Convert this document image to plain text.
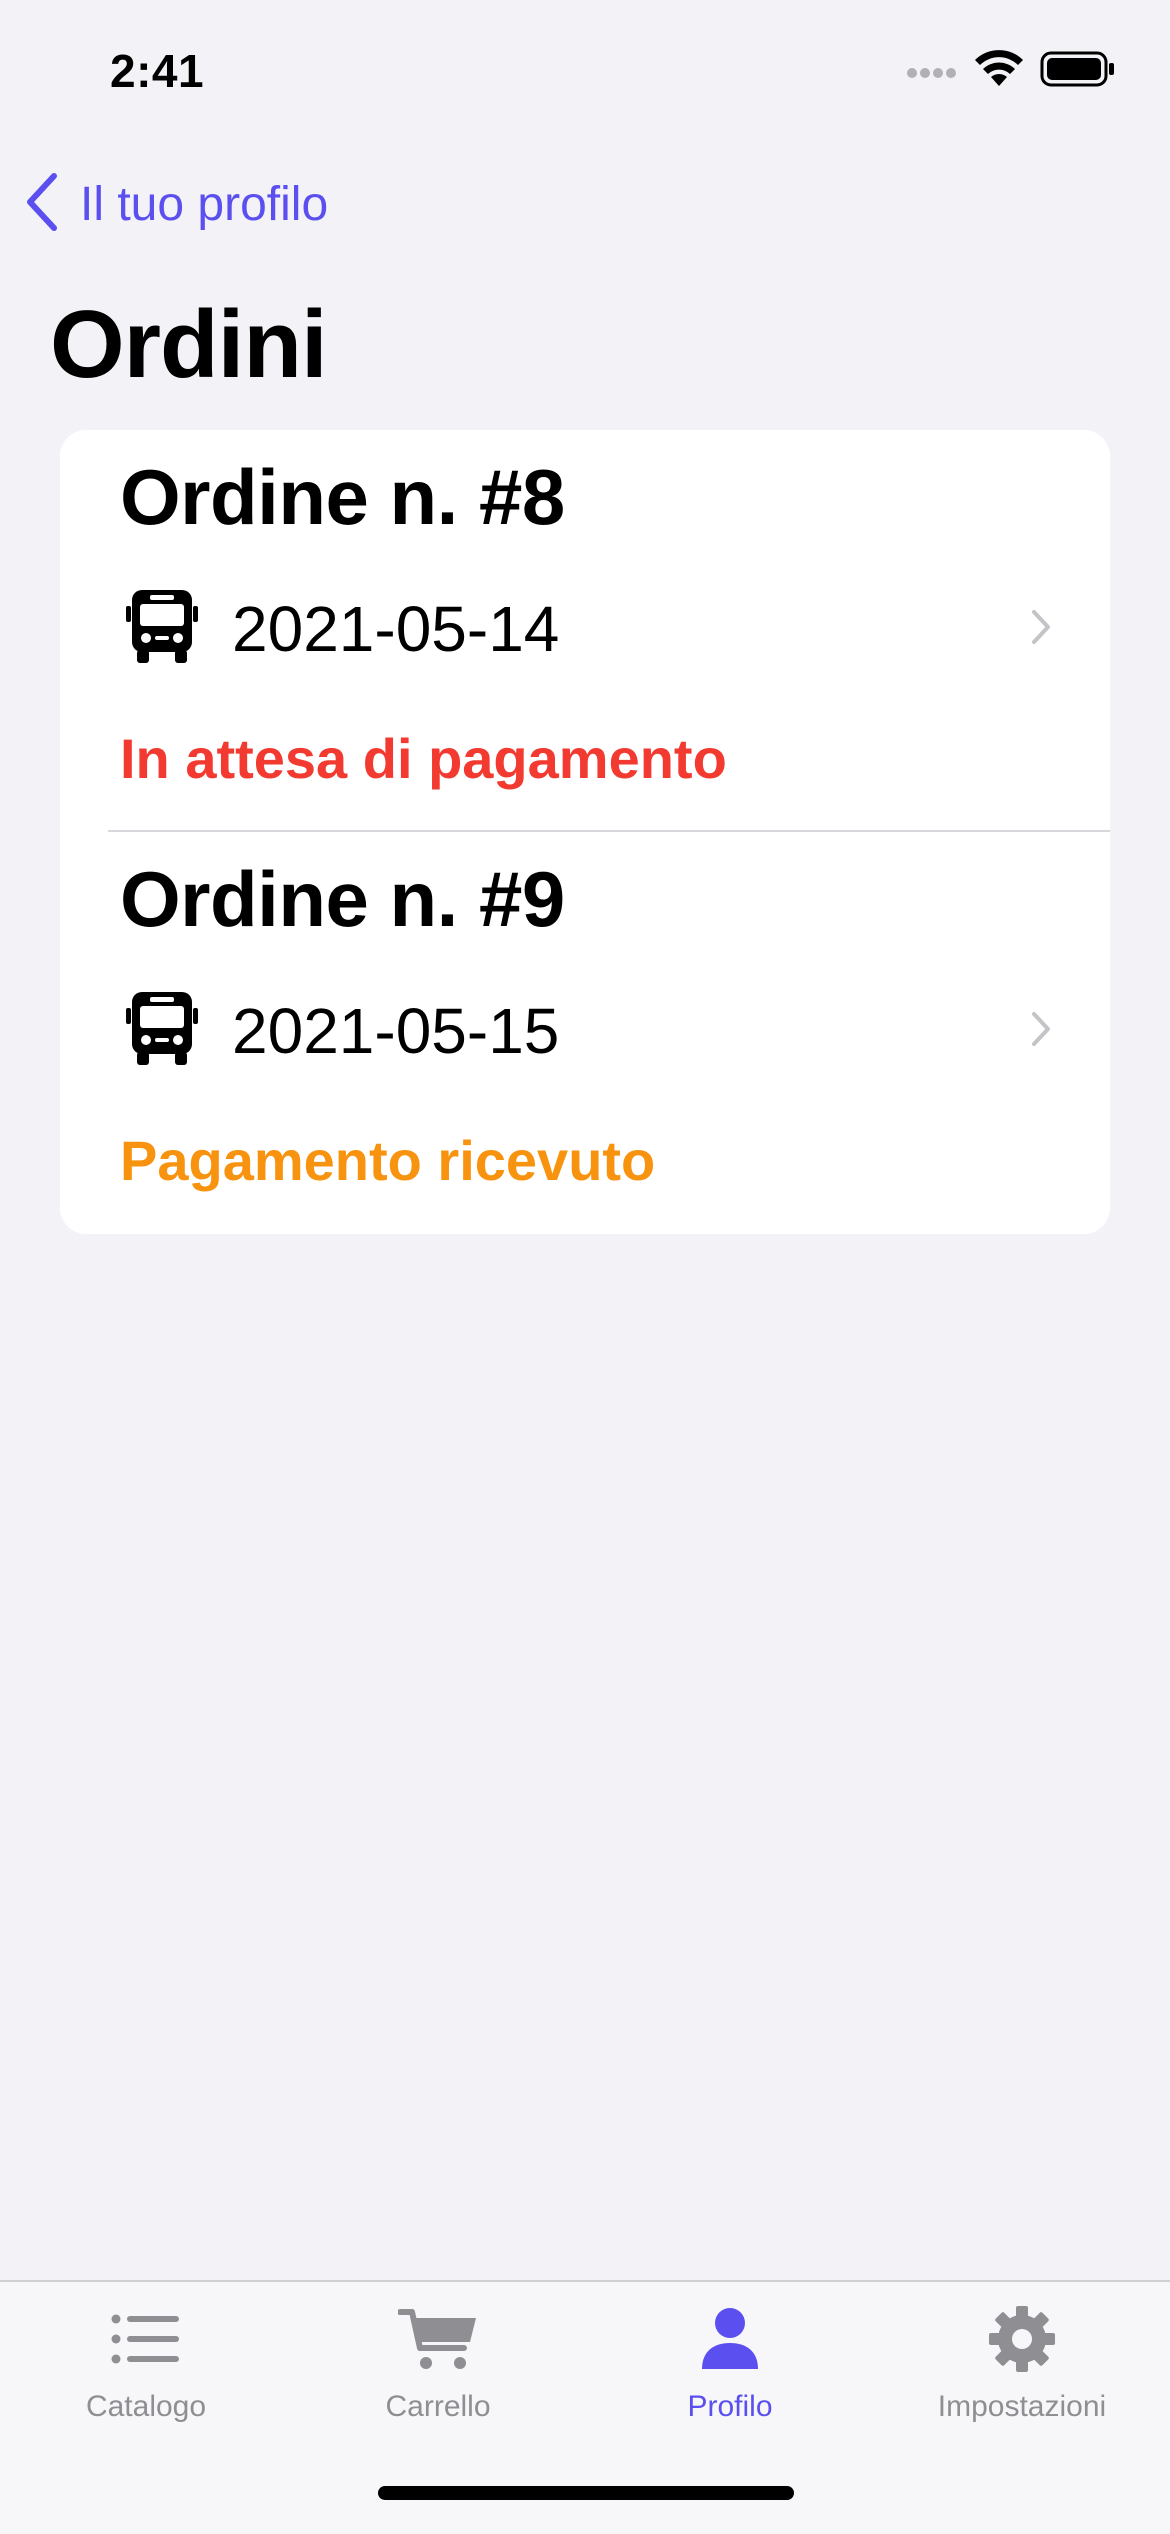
2:41
Il tuo profilo
Ordini
Ordine n. #8
2021-05-14
In attesa di pagamento
Ordine n. #9
2021-05-15
Pagamento ricevuto
Catalogo	Carrello	Profilo	Impostazioni
